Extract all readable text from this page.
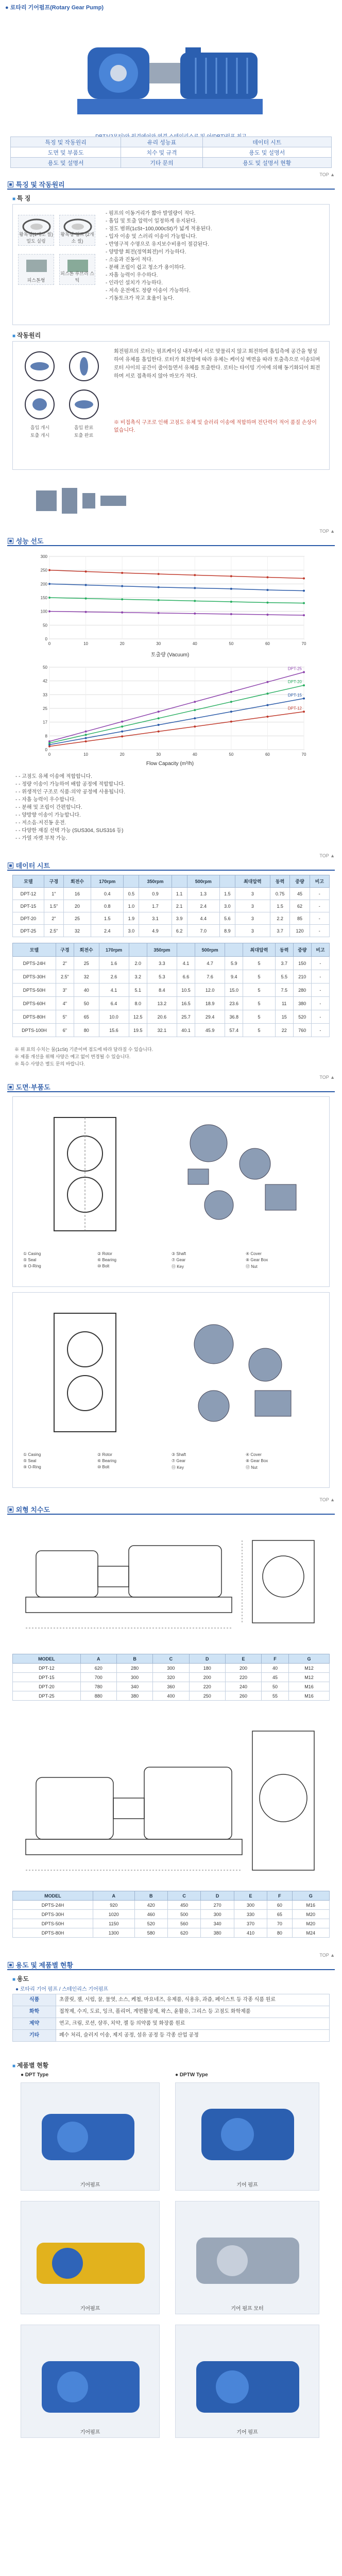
● 로타리 기어펌프(Rotary Gear Pump)
특징 및 작동원리	유리 성능표	데이터 시트
도면 및 부품도	치수 및 규격	용도 및 설명서
용도 및 설명서	기타 문의	용도 및 설명서 현황
TOP ▲
▣ 특징 및 작동원리
■ 특 징
왕복형(1개소 씰) 밀도 실링
왕복형 펌프 (2개소 씰)
피스톤형
피스톤 루브리 스틱
- 펌프의 이동거리가 짧아 발열량이 적다.
- 흡입 및 토출 압력이 일정하게 유지된다.
- 점도 범위(1cSt~100,000cSt)가 넓게 적용된다.
- 입자 이송 및 스러리 이송이 가능합니다.
- 반영구적 수명으로 유지보수비용이 절감된다.
- 양방향 회전(정역회전)이 가능하다.
- 소음과 진동이 적다.
- 분해 조립이 쉽고 청소가 용이하다.
- 자흡 능력이 우수하다.
- 인라인 설치가 가능하다.
- 저속 운전에도 정량 이송이 가능하다.
- 기동토크가 작고 효율이 높다.
■ 작동원리
흡입 개시	흡입 완료
토출 개시	토출 완료

회전펌프의 로터는 펌프케이싱 내부에서 서로 맞물리지 않고 회전하며 흡입측에 공간을 형성하여 유체를 흡입한다. 로터가 회전함에 따라 유체는 케이싱 벽면을 따라 토출측으로 이송되며 로터 사이의 공간이 줄어들면서 유체를 토출한다. 로터는 타이밍 기어에 의해 동기화되어 회전하며 서로 접촉하지 않아 마모가 적다.

※ 비접촉식 구조로 인해 고점도 유체 및 슬러리 이송에 적합하며 전단력이 적어 품질 손상이 없습니다.

TOP ▲
▣ 성능 선도
0
50
100
150
200
250
300
0	10	20	30	40	50	60	70
토출량 (Vacuum)
0
8
17
25
33
42
50
0	10	20	30	40	50	60	70
DPT-12
DPT-15
DPT-20
DPT-25
Flow Capacity (m³/h)
- - 고점도 유체 이송에 적합합니다.
- - 정량 이송이 가능하여 배합 공정에 적합합니다.
- - 위생적인 구조로 식품·의약 공정에 사용됩니다.
- - 자흡 능력이 우수합니다.
- - 분해 및 조립이 간편합니다.
- - 양방향 이송이 가능합니다.
- - 저소음·저진동 운전.
- - 다양한 재질 선택 가능 (SUS304, SUS316 등)
- - 가열 자켓 부착 가능.
TOP ▲
▣ 데이터 시트
모델	구경	회전수	170rpm		350rpm		500rpm		최대압력	동력	중량	비고
DPT-12	1"	16	0.4	0.5	0.9	1.1	1.3	1.5	3	0.75	45	-
DPT-15	1.5"	20	0.8	1.0	1.7	2.1	2.4	3.0	3	1.5	62	-
DPT-20	2"	25	1.5	1.9	3.1	3.9	4.4	5.6	3	2.2	85	-
DPT-25	2.5"	32	2.4	3.0	4.9	6.2	7.0	8.9	3	3.7	120	-
모델	구경	회전수	170rpm		350rpm		500rpm		최대압력	동력	중량	비고
DPTS-24H	2"	25	1.6	2.0	3.3	4.1	4.7	5.9	5	3.7	150	-
DPTS-30H	2.5"	32	2.6	3.2	5.3	6.6	7.6	9.4	5	5.5	210	-
DPTS-50H	3"	40	4.1	5.1	8.4	10.5	12.0	15.0	5	7.5	280	-
DPTS-60H	4"	50	6.4	8.0	13.2	16.5	18.9	23.6	5	11	380	-
DPTS-80H	5"	65	10.0	12.5	20.6	25.7	29.4	36.8	5	15	520	-
DPTS-100H	6"	80	15.6	19.5	32.1	40.1	45.9	57.4	5	22	760	-
※ 위 표의 수치는 물(1cSt) 기준이며 점도에 따라 달라질 수 있습니다.
※ 제품 개선을 위해 사양은 예고 없이 변경될 수 있습니다.
※ 특수 사양은 별도 문의 바랍니다.
TOP ▲
▣ 도면·부품도
① Casing	② Rotor	③ Shaft	④ Cover
⑤ Seal	⑥ Bearing	⑦ Gear	⑧ Gear Box
⑨ O-Ring	⑩ Bolt	⑪ Key	⑫ Nut
① Casing	② Rotor	③ Shaft	④ Cover
⑤ Seal	⑥ Bearing	⑦ Gear	⑧ Gear Box
⑨ O-Ring	⑩ Bolt	⑪ Key	⑫ Nut
TOP ▲
▣ 외형 치수도
MODEL	A	B	C	D	E	F	G
DPT-12	620	280	300	180	200	40	M12
DPT-15	700	300	320	200	220	45	M12
DPT-20	780	340	360	220	240	50	M16
DPT-25	880	380	400	250	260	55	M16
MODEL	A	B	C	D	E	F	G
DPTS-24H	920	420	450	270	300	60	M16
DPTS-30H	1020	460	500	300	330	65	M20
DPTS-50H	1150	520	560	340	370	70	M20
DPTS-80H	1300	580	620	380	410	80	M24
TOP ▲
▣ 용도 및 제품별 현황
■ 용도
● 로타리 기어 펌프 / 스테인리스 기어펌프
식품	초콜릿, 잼, 시럽, 꿀, 물엿, 소스, 케첩, 마요네즈, 유제품, 식용유, 과즙, 페이스트 등 각종 식품 원료
화학	접착제, 수지, 도료, 잉크, 폴리머, 계면활성제, 왁스, 윤활유, 그리스 등 고점도 화학제품
제약	연고, 크림, 로션, 샴푸, 치약, 젤 등 의약품 및 화장품 원료
기타	폐수 처리, 슬러지 이송, 제지 공정, 섬유 공정 등 각종 산업 공정
■ 제품별 현황
● DPT Type	● DPTW Type
기어펌프	기어 펌프
기어펌프	기어 펌프 모터
기어펌프	기어 펌프
